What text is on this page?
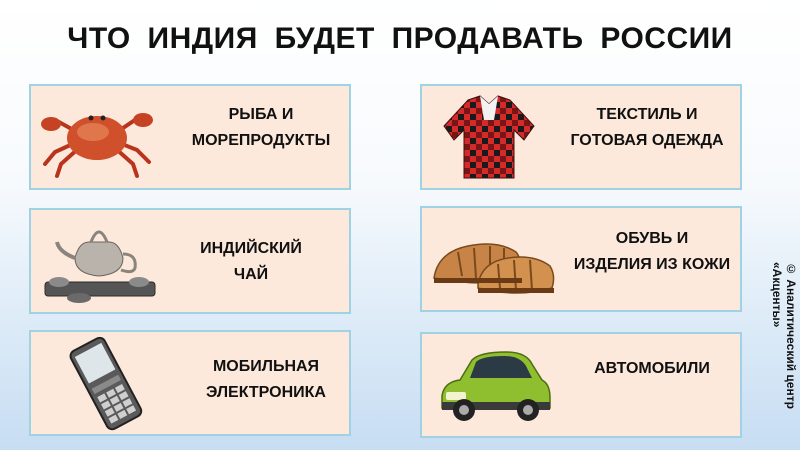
ЧТО ИНДИЯ БУДЕТ ПРОДАВАТЬ РОССИИ
РЫБА И
МОРЕПРОДУКТЫ
ТЕКСТИЛЬ И
ГОТОВАЯ ОДЕЖДА
ИНДИЙСКИЙ
ЧАЙ
ОБУВЬ И
ИЗДЕЛИЯ ИЗ КОЖИ
МОБИЛЬНАЯ
ЭЛЕКТРОНИКА
АВТОМОБИЛИ	© Аналитический центр
«Акценты»
